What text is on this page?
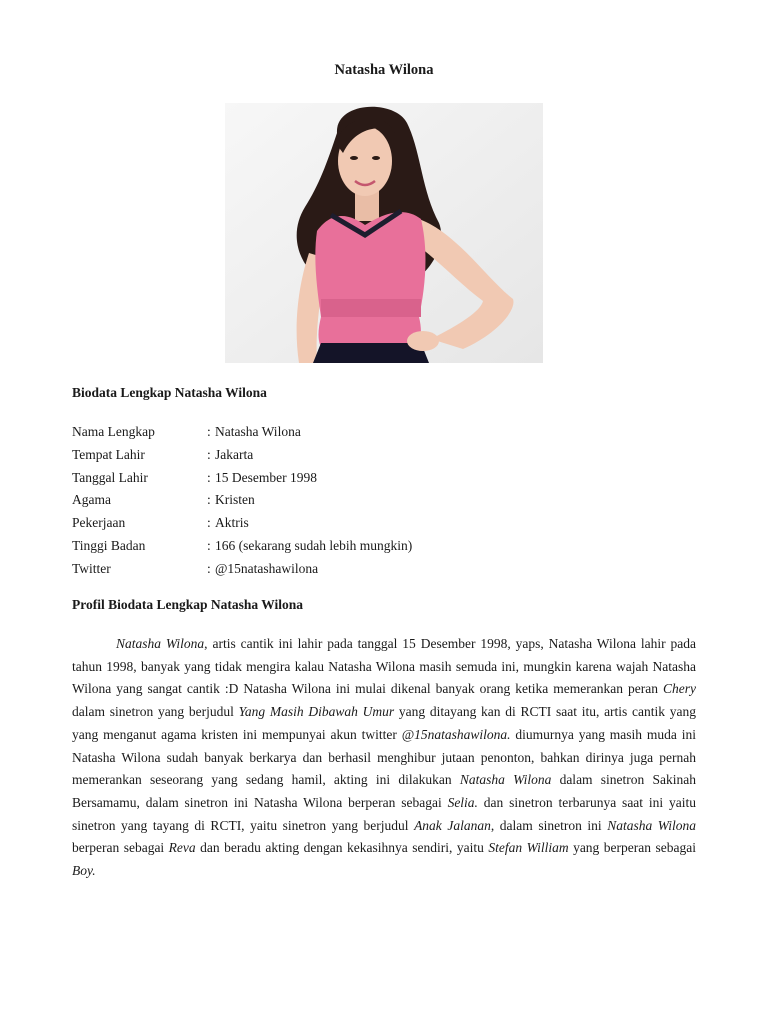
Natasha Wilona
Biodata Lengkap Natasha Wilona
Nama Lengkap	: Natasha Wilona
Tempat Lahir	: Jakarta
Tanggal Lahir	: 15 Desember 1998
Agama	: Kristen
Pekerjaan	: Aktris
Tinggi Badan	: 166 (sekarang sudah lebih mungkin)
Twitter	: @15natashawilona
Profil Biodata Lengkap Natasha Wilona

Natasha Wilona, artis cantik ini lahir pada tanggal 15 Desember 1998, yaps, Natasha Wilona lahir pada tahun 1998, banyak yang tidak mengira kalau Natasha Wilona masih semuda ini, mungkin karena wajah Natasha Wilona yang sangat cantik :D Natasha Wilona ini mulai dikenal banyak orang ketika memerankan peran Chery dalam sinetron yang berjudul Yang Masih Dibawah Umur yang ditayang kan di RCTI saat itu, artis cantik yang yang menganut agama kristen ini mempunyai akun twitter @15natashawilona. diumurnya yang masih muda ini Natasha Wilona sudah banyak berkarya dan berhasil menghibur jutaan penonton, bahkan dirinya juga pernah memerankan seseorang yang sedang hamil, akting ini dilakukan Natasha Wilona dalam sinetron Sakinah Bersamamu, dalam sinetron ini Natasha Wilona berperan sebagai Selia. dan sinetron terbarunya saat ini yaitu sinetron yang tayang di RCTI, yaitu sinetron yang berjudul Anak Jalanan, dalam sinetron ini Natasha Wilona berperan sebagai Reva dan beradu akting dengan kekasihnya sendiri, yaitu Stefan William yang berperan sebagai Boy.
